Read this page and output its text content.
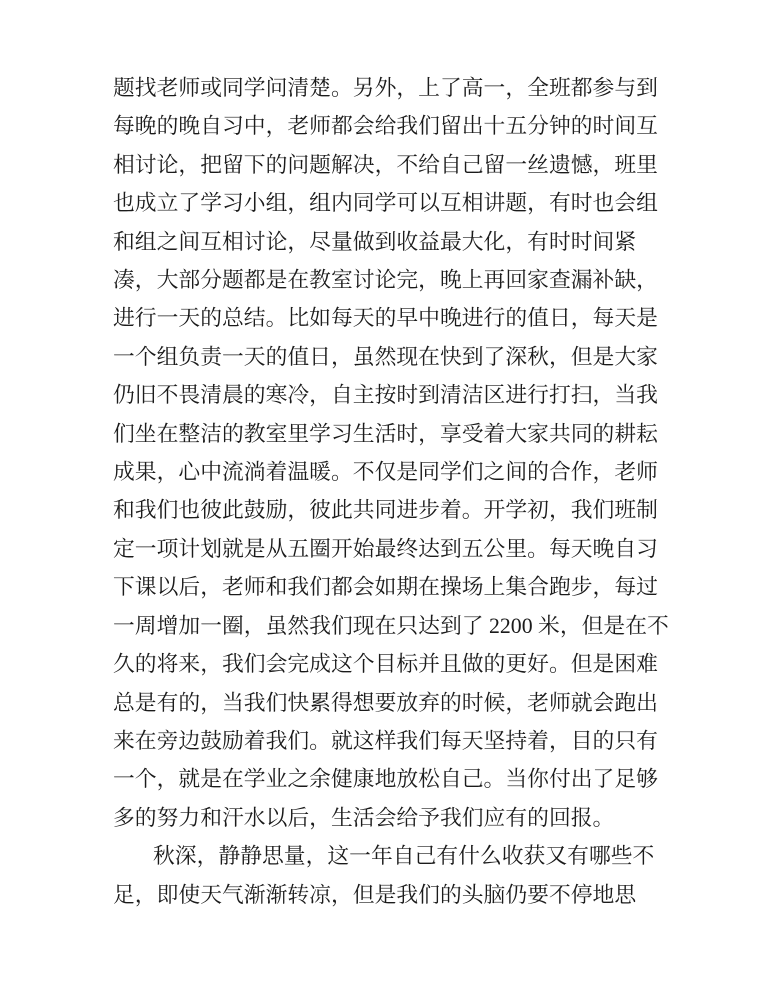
题找老师或同学问清楚。另外，上了高一，全班都参与到
每晚的晚自习中，老师都会给我们留出十五分钟的时间互
相讨论，把留下的问题解决，不给自己留一丝遗憾，班里
也成立了学习小组，组内同学可以互相讲题，有时也会组
和组之间互相讨论，尽量做到收益最大化，有时时间紧
凑，大部分题都是在教室讨论完，晚上再回家查漏补缺，
进行一天的总结。比如每天的早中晚进行的值日，每天是
一个组负责一天的值日，虽然现在快到了深秋，但是大家
仍旧不畏清晨的寒冷，自主按时到清洁区进行打扫，当我
们坐在整洁的教室里学习生活时，享受着大家共同的耕耘
成果，心中流淌着温暖。不仅是同学们之间的合作，老师
和我们也彼此鼓励，彼此共同进步着。开学初，我们班制
定一项计划就是从五圈开始最终达到五公里。每天晚自习
下课以后，老师和我们都会如期在操场上集合跑步，每过
一周增加一圈，虽然我们现在只达到了 2200 米，但是在不
久的将来，我们会完成这个目标并且做的更好。但是困难
总是有的，当我们快累得想要放弃的时候，老师就会跑出
来在旁边鼓励着我们。就这样我们每天坚持着，目的只有
一个，就是在学业之余健康地放松自己。当你付出了足够
多的努力和汗水以后，生活会给予我们应有的回报。
秋深，静静思量，这一年自己有什么收获又有哪些不
足，即使天气渐渐转凉，但是我们的头脑仍要不停地思
